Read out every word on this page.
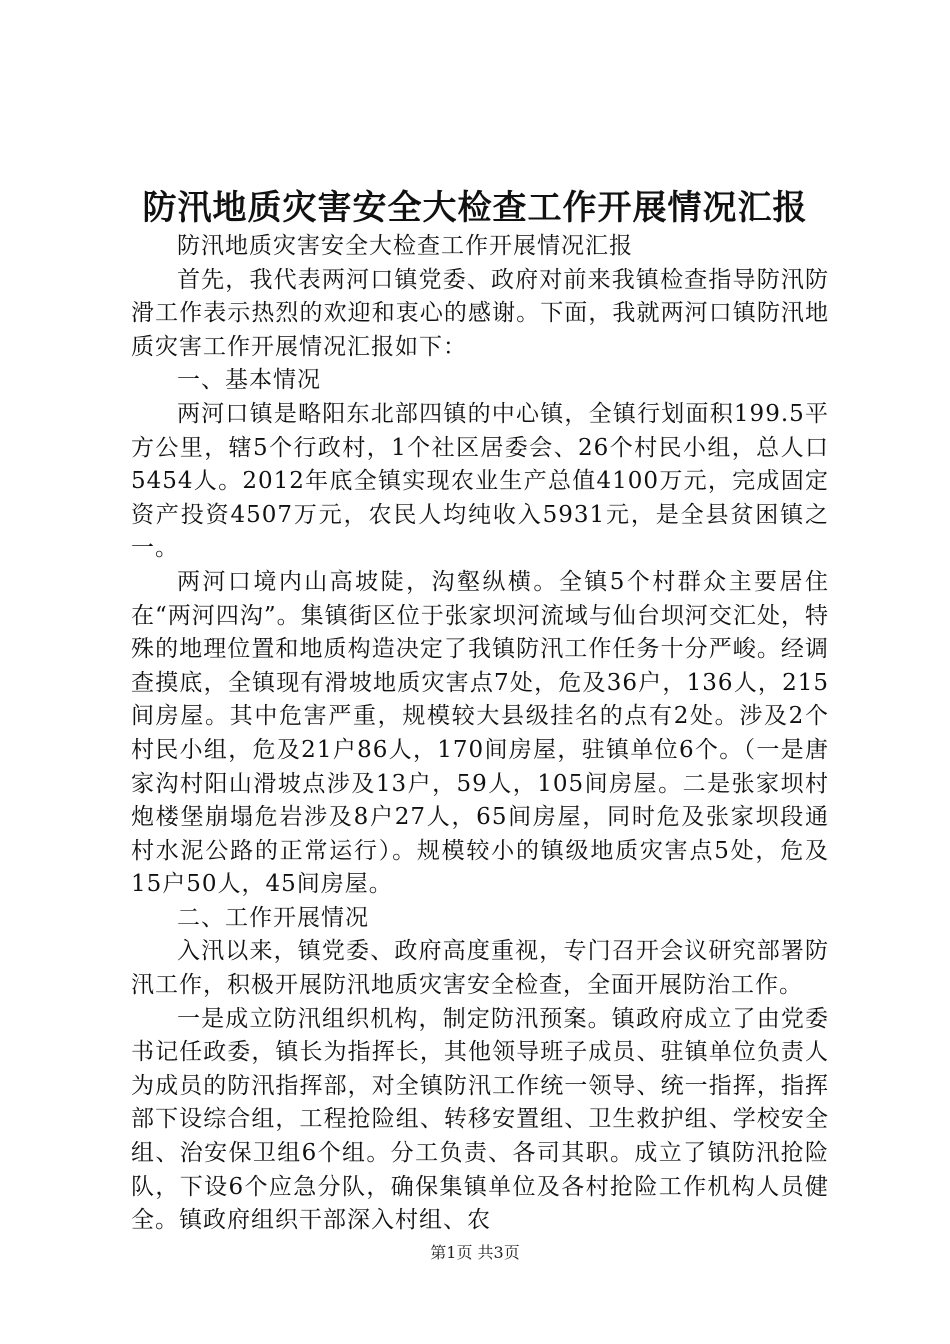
防汛地质灾害安全大检查工作开展情况汇报

防汛地质灾害安全大检查工作开展情况汇报

首先，我代表两河口镇党委、政府对前来我镇检查指导防汛防滑工作表示热烈的欢迎和衷心的感谢。下面，我就两河口镇防汛地质灾害工作开展情况汇报如下：

一、基本情况

两河口镇是略阳东北部四镇的中心镇，全镇行划面积199.5平方公里，辖5个行政村，1个社区居委会、26个村民小组，总人口5454人。2012年底全镇实现农业生产总值4100万元，完成固定资产投资4507万元，农民人均纯收入5931元，是全县贫困镇之一。

两河口境内山高坡陡，沟壑纵横。全镇5个村群众主要居住在“两河四沟”。集镇街区位于张家坝河流域与仙台坝河交汇处，特殊的地理位置和地质构造决定了我镇防汛工作任务十分严峻。经调查摸底，全镇现有滑坡地质灾害点7处，危及36户，136人，215间房屋。其中危害严重，规模较大县级挂名的点有2处。涉及2个村民小组，危及21户86人，170间房屋，驻镇单位6个。（一是唐家沟村阳山滑坡点涉及13户，59人，105间房屋。二是张家坝村炮楼堡崩塌危岩涉及8户27人，65间房屋，同时危及张家坝段通村水泥公路的正常运行）。规模较小的镇级地质灾害点5处，危及15户50人，45间房屋。

二、工作开展情况

入汛以来，镇党委、政府高度重视，专门召开会议研究部署防汛工作，积极开展防汛地质灾害安全检查，全面开展防治工作。

一是成立防汛组织机构，制定防汛预案。镇政府成立了由党委书记任政委，镇长为指挥长，其他领导班子成员、驻镇单位负责人为成员的防汛指挥部，对全镇防汛工作统一领导、统一指挥，指挥部下设综合组，工程抢险组、转移安置组、卫生救护组、学校安全组、治安保卫组6个组。分工负责、各司其职。成立了镇防汛抢险队，下设6个应急分队，确保集镇单位及各村抢险工作机构人员健全。镇政府组织干部深入村组、农

第1页 共3页
